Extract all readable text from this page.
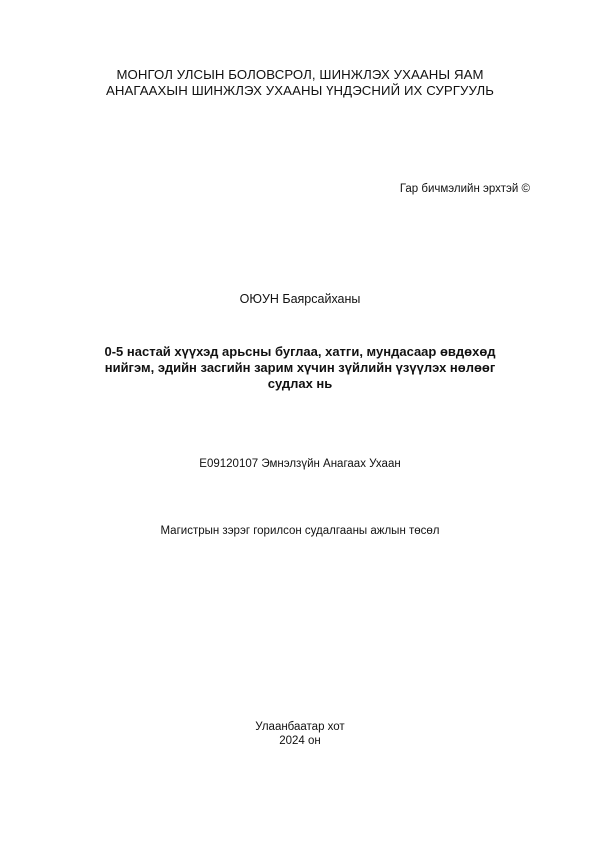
МОНГОЛ УЛСЫН БОЛОВСРОЛ, ШИНЖЛЭХ УХААНЫ ЯАМ
АНАГААХЫН ШИНЖЛЭХ УХААНЫ ҮНДЭСНИЙ ИХ СУРГУУЛЬ
Гар бичмэлийн эрхтэй ©
ОЮУН Баярсайханы
0-5 настай хүүхэд арьсны буглаа, хатги, мундасаар өвдөхөд
нийгэм, эдийн засгийн зарим хүчин зүйлийн үзүүлэх нөлөөг
судлах нь
E09120107 Эмнэлзүйн Анагаах Ухаан
Магистрын зэрэг горилсон судалгааны ажлын төсөл
Улаанбаатар хот
2024 он
